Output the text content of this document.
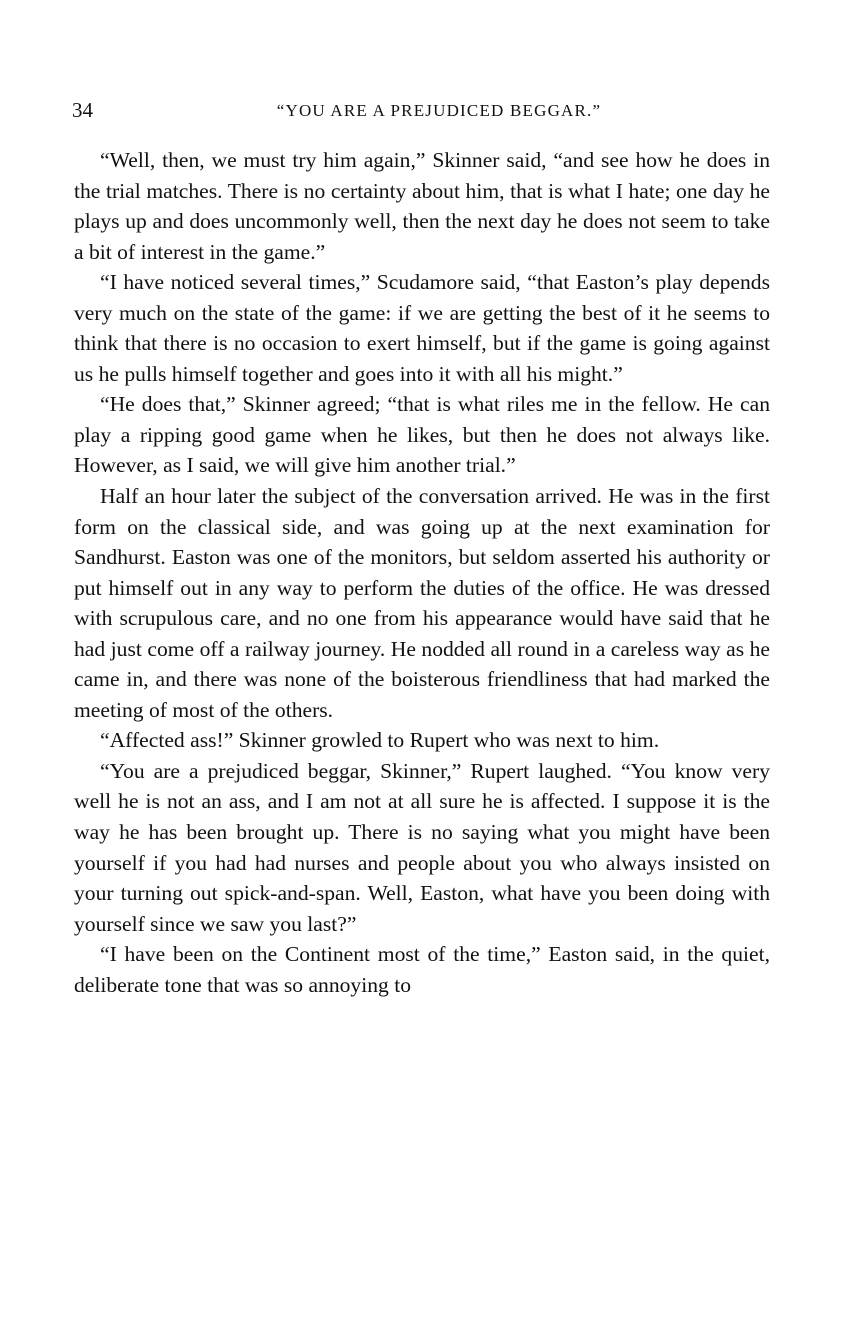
34	“YOU ARE A PREJUDICED BEGGAR.”

“Well, then, we must try him again,” Skinner said, “and see how he does in the trial matches. There is no certainty about him, that is what I hate; one day he plays up and does uncommonly well, then the next day he does not seem to take a bit of interest in the game.”

“I have noticed several times,” Scudamore said, “that Easton’s play depends very much on the state of the game: if we are getting the best of it he seems to think that there is no occasion to exert himself, but if the game is going against us he pulls himself together and goes into it with all his might.”

“He does that,” Skinner agreed; “that is what riles me in the fellow. He can play a ripping good game when he likes, but then he does not always like. However, as I said, we will give him another trial.”

Half an hour later the subject of the conversation arrived. He was in the first form on the classical side, and was going up at the next examination for Sandhurst. Easton was one of the monitors, but seldom asserted his authority or put himself out in any way to perform the duties of the office. He was dressed with scrupulous care, and no one from his appearance would have said that he had just come off a railway journey. He nodded all round in a careless way as he came in, and there was none of the boisterous friendliness that had marked the meeting of most of the others.

“Affected ass!” Skinner growled to Rupert who was next to him.

“You are a prejudiced beggar, Skinner,” Rupert laughed. “You know very well he is not an ass, and I am not at all sure he is affected. I suppose it is the way he has been brought up. There is no saying what you might have been yourself if you had had nurses and people about you who always insisted on your turning out spick-and-span. Well, Easton, what have you been doing with yourself since we saw you last?”

“I have been on the Continent most of the time,” Easton said, in the quiet, deliberate tone that was so annoying to
